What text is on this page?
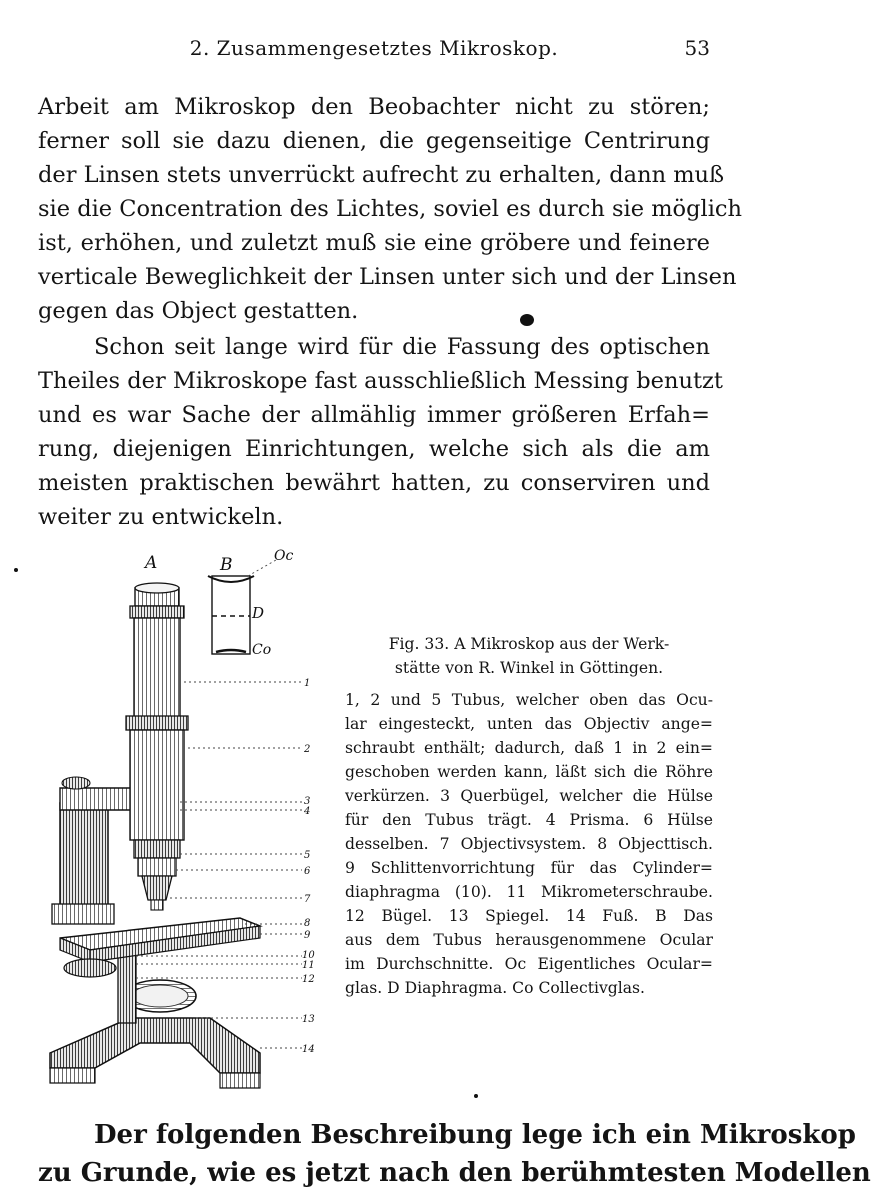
2. Zusammengesetztes Mikroskop.	53
Arbeit am Mikroskop den Beobachter nicht zu stören;
ferner soll sie dazu dienen, die gegenseitige Centrirung
der Linsen stets unverrückt aufrecht zu erhalten, dann muß
sie die Concentration des Lichtes, soviel es durch sie möglich
ist, erhöhen, und zuletzt muß sie eine gröbere und feinere
verticale Beweglichkeit der Linsen unter sich und der Linsen
gegen das Object gestatten.
Schon seit lange wird für die Fassung des optischen
Theiles der Mikroskope fast ausschließlich Messing benutzt
und es war Sache der allmählig immer größeren Erfah=
rung, diejenigen Einrichtungen, welche sich als die am
meisten praktischen bewährt hatten, zu conserviren und
weiter zu entwickeln.
A	B	Oc
D
Co
1
2
3
4
5
6
7
8
9
10
11
12
13
14
Fig. 33. A Mikroskop aus der Werk-
stätte von R. Winkel in Göttingen.
1, 2 und 5 Tubus, welcher oben das Ocu-
lar eingesteckt, unten das Objectiv ange=
schraubt enthält; dadurch, daß 1 in 2 ein=
geschoben werden kann, läßt sich die Röhre
verkürzen. 3 Querbügel, welcher die Hülse
für den Tubus trägt. 4 Prisma. 6 Hülse
desselben. 7 Objectivsystem. 8 Objecttisch.
9 Schlittenvorrichtung für das Cylinder=
diaphragma (10). 11 Mikrometerschraube.
12 Bügel. 13 Spiegel. 14 Fuß. B Das
aus dem Tubus herausgenommene Ocular
im Durchschnitte. Oc Eigentliches Ocular=
glas. D Diaphragma. Co Collectivglas.
Der folgenden Beschreibung lege ich ein Mikroskop
zu Grunde, wie es jetzt nach den berühmtesten Modellen
